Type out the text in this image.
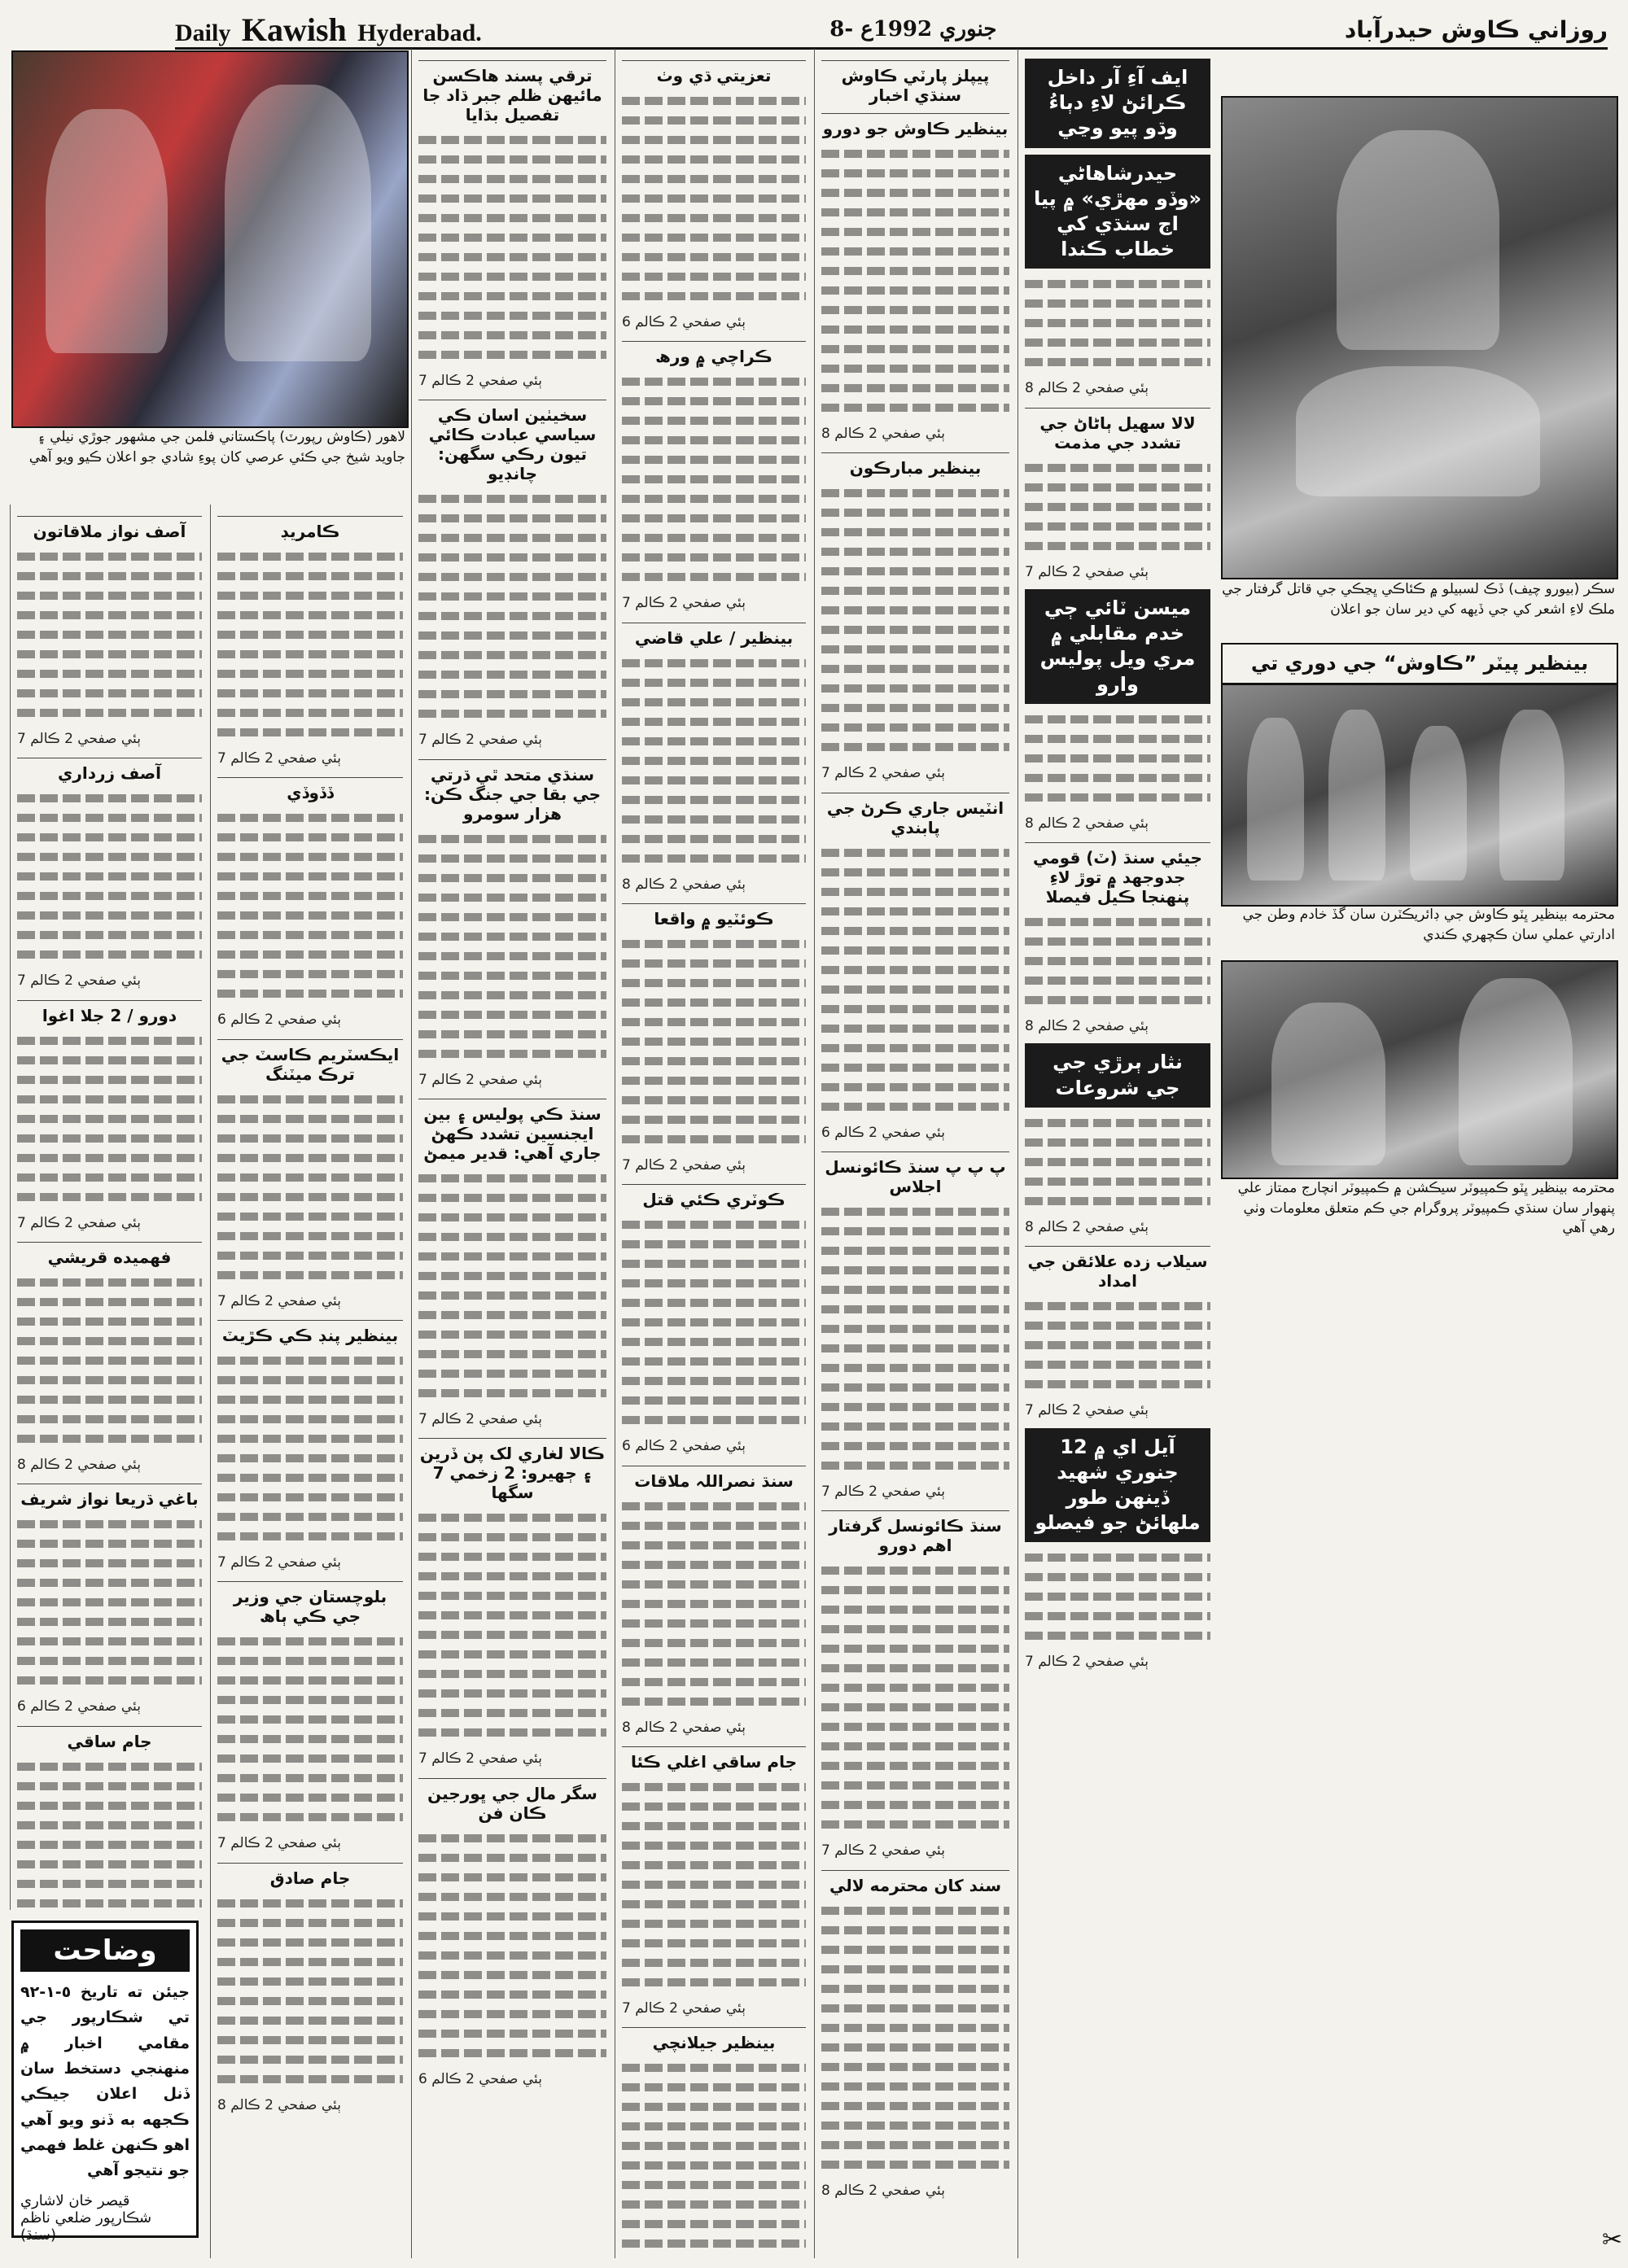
Daily Kawish Hyderabad.	8- جنوري 1992ع	روزاني ڪاوش حيدرآباد
لاهور (ڪاوش رپورٽ) پاڪستاني فلمن جي مشهور جوڙي نيلي ۽ جاويد شيخ جي ڪئي عرصي کان پوءِ شادي جو اعلان ڪيو ويو آهي
سڪر (بيورو چيف) ڏڪ لسبيلو ۾ ڪئاڪي ڀڃڪي جي قاتل گرفتار جي ملڪ لاءِ اشعر کي جي ڏيهه کي دير سان جو اعلان
بينظير پيٽر ”ڪاوش“ جي دوري تي
محترمه بينظير ڀٽو ڪاوش جي ڊائريڪٽرن سان گڏ خادم وطن جي ادارتي عملي سان ڪچهري ڪندي
محترمه بينظير ڀٽو ڪمپيوٽر سيڪشن ۾ ڪمپيوٽر انچارج ممتاز علي پنھوار سان سنڌي ڪمپيوٽر پروگرام جي ڪم متعلق معلومات وٺي رهي آهي
ايف آءِ آر داخل ڪرائڻ لاءِ دٻاءُ وڌو پيو وڃي
حيدرشاھاڻي «وڏو مھڙي» ۾ پيا اڄ سنڌي کي خطاب ڪندا
ٻئي صفحي 2 ڪالم 8
لالا سھيل ٻاڻاڻ جي تشدد جي مذمت
ٻئي صفحي 2 ڪالم 7
ميسن ٽائي ڄي خدم مقابلي ۾ مري ويل پوليس وارو
ٻئي صفحي 2 ڪالم 8
جيئي سنڌ (ٽ) قومي جدوجھد ۾ توڙ لاءِ پنھنجا ڪيل فيصلا
ٻئي صفحي 2 ڪالم 8
نثار ٻرڙي جي جي شروعات
ٻئي صفحي 2 ڪالم 8
سيلاب زده علائقن جي امداد
ٻئي صفحي 2 ڪالم 7
آيل اي ۾ 12 جنوري شھيد ڏينھن طور ملهائڻ جو فيصلو
ٻئي صفحي 2 ڪالم 7
پيپلز پارٽي ڪاوش سنڌي اخبار
بينظير ڪاوش جو دورو
ٻئي صفحي 2 ڪالم 8
بينظير مبارڪون
ٻئي صفحي 2 ڪالم 7
انٽيس جاري ڪرڻ جي پابندي
ٻئي صفحي 2 ڪالم 6
پ پ پ سنڌ ڪائونسل اجلاس
ٻئي صفحي 2 ڪالم 7
سنڌ ڪائونسل گرفتار اهم دورو
ٻئي صفحي 2 ڪالم 7
سند کان محترمه لالي
ٻئي صفحي 2 ڪالم 8
تعزيتي ڌي وٺ
ٻئي صفحي 2 ڪالم 6
ڪراچي ۾ ورھ
ٻئي صفحي 2 ڪالم 7
بينظير / علي قاضي
ٻئي صفحي 2 ڪالم 8
ڪوئٽيو ۾ واقعا
ٻئي صفحي 2 ڪالم 7
ڪوٽري ڪئي قتل
ٻئي صفحي 2 ڪالم 6
سنڌ نصراللہ ملاقات
ٻئي صفحي 2 ڪالم 8
جام ساقي اغلي ڪئا
ٻئي صفحي 2 ڪالم 7
بينظير جيلانچي
ترقي پسند هاڪسن مائيهن ظلم جبر ڌاد جا تفصيل بڌايا
ٻئي صفحي 2 ڪالم 7
سخيٺين اسان ڪي سياسي عبادت ڪائي تيون رڪي سگهن: چانڊيو
ٻئي صفحي 2 ڪالم 7
سنڌي متحد ٿي ڌرتي جي بقا جي جنگ ڪن: هزار سومرو
ٻئي صفحي 2 ڪالم 7
سنڌ ڪي پوليس ۽ بين ايجنسين تشدد ڪهڻ جاري آهي: قدير ميمڻ
ٻئي صفحي 2 ڪالم 7
ڪالا لغاري لک پن ڏرين ۽ ڄھيرو: 2 زخمي 7 سگها
ٻئي صفحي 2 ڪالم 7
سگر مال جي ڀورجين ڪان فن
ٻئي صفحي 2 ڪالم 6
ڪامريڊ
ٻئي صفحي 2 ڪالم 7
ڏڏوڏي
ٻئي صفحي 2 ڪالم 6
ايڪسٽريم ڪاسٽ جي ترڪ ميٽنگ
ٻئي صفحي 2 ڪالم 7
بينظير پنڊ ڪي ڪڙيٽ
ٻئي صفحي 2 ڪالم 7
بلوچستان جي وزير جي ڪي ٻاھ
ٻئي صفحي 2 ڪالم 7
جام صادق
ٻئي صفحي 2 ڪالم 8
آصف نواز ملاقاتون
ٻئي صفحي 2 ڪالم 7
آصف زرداري
ٻئي صفحي 2 ڪالم 7
دورو / 2 جلا اغوا
ٻئي صفحي 2 ڪالم 7
فهميده قريشي
ٻئي صفحي 2 ڪالم 8
باغي ڌريعا نواز شريف
ٻئي صفحي 2 ڪالم 6
جام ساقي
وضاحت
جيئن ته تاريخ ٥-١-٩٢ تي شڪارپور جي مقامي اخبار ۾ منهنجي دستخط سان ڏنل اعلان جيڪي ڪجهه به ڏنو ويو آهي اهو ڪنهن غلط فهمي جو نتيجو آهي
قيصر خان لاشاري شڪارپور ضلعي ناظم (سنڌ)	✂
